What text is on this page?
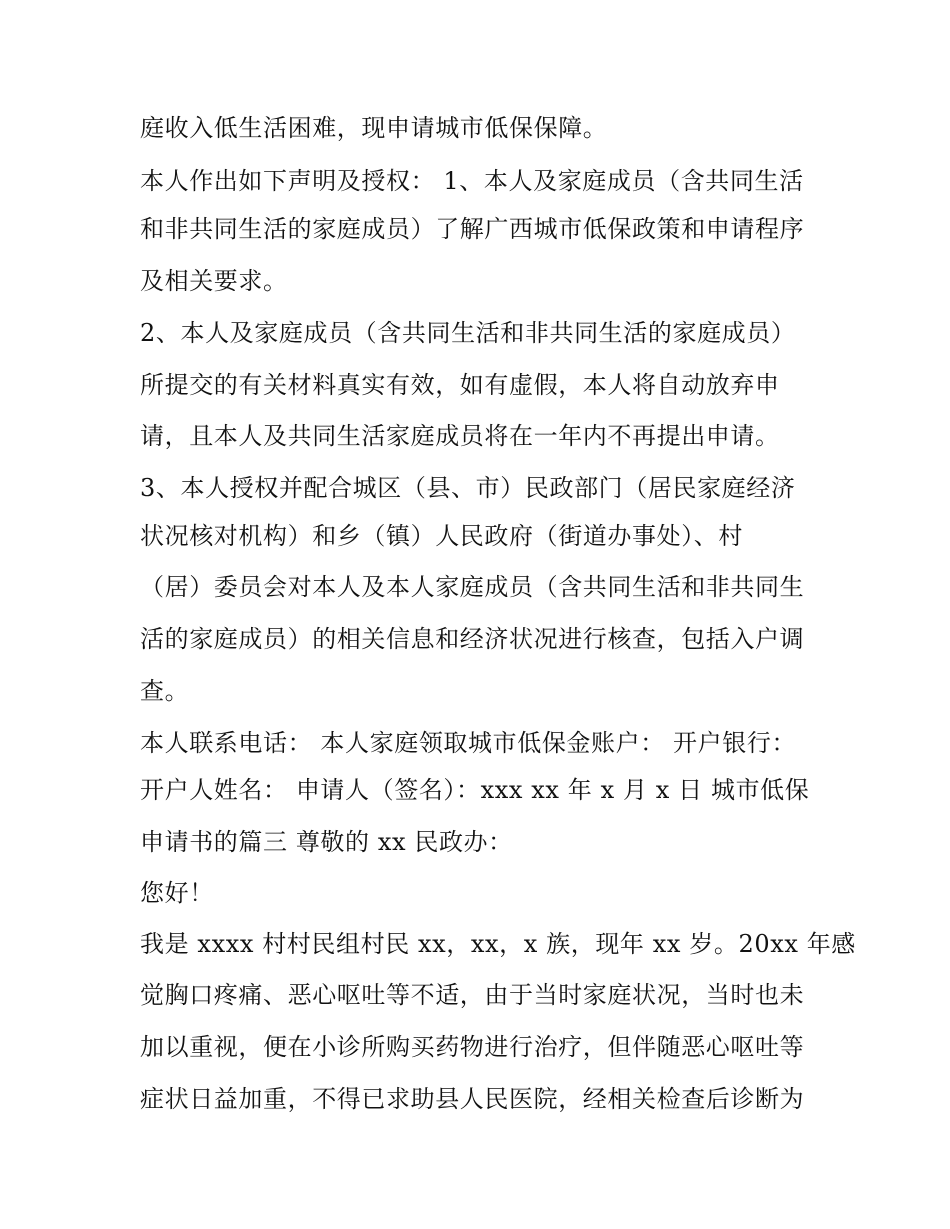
庭收入低生活困难，现申请城市低保保障。
本人作出如下声明及授权： 1、本人及家庭成员（含共同生活
和非共同生活的家庭成员）了解广西城市低保政策和申请程序
及相关要求。
2、本人及家庭成员（含共同生活和非共同生活的家庭成员）
所提交的有关材料真实有效，如有虚假，本人将自动放弃申
请，且本人及共同生活家庭成员将在一年内不再提出申请。
3、本人授权并配合城区（县、市）民政部门（居民家庭经济
状况核对机构）和乡（镇）人民政府（街道办事处）、村
（居）委员会对本人及本人家庭成员（含共同生活和非共同生
活的家庭成员）的相关信息和经济状况进行核查，包括入户调
查。
本人联系电话： 本人家庭领取城市低保金账户： 开户银行：
开户人姓名： 申请人（签名）：xxx xx 年 x 月 x 日 城市低保
申请书的篇三 尊敬的 xx 民政办：
您好！
我是 xxxx 村村民组村民 xx，xx，x 族，现年 xx 岁。20xx 年感
觉胸口疼痛、恶心呕吐等不适，由于当时家庭状况，当时也未
加以重视，便在小诊所购买药物进行治疗，但伴随恶心呕吐等
症状日益加重，不得已求助县人民医院，经相关检查后诊断为
